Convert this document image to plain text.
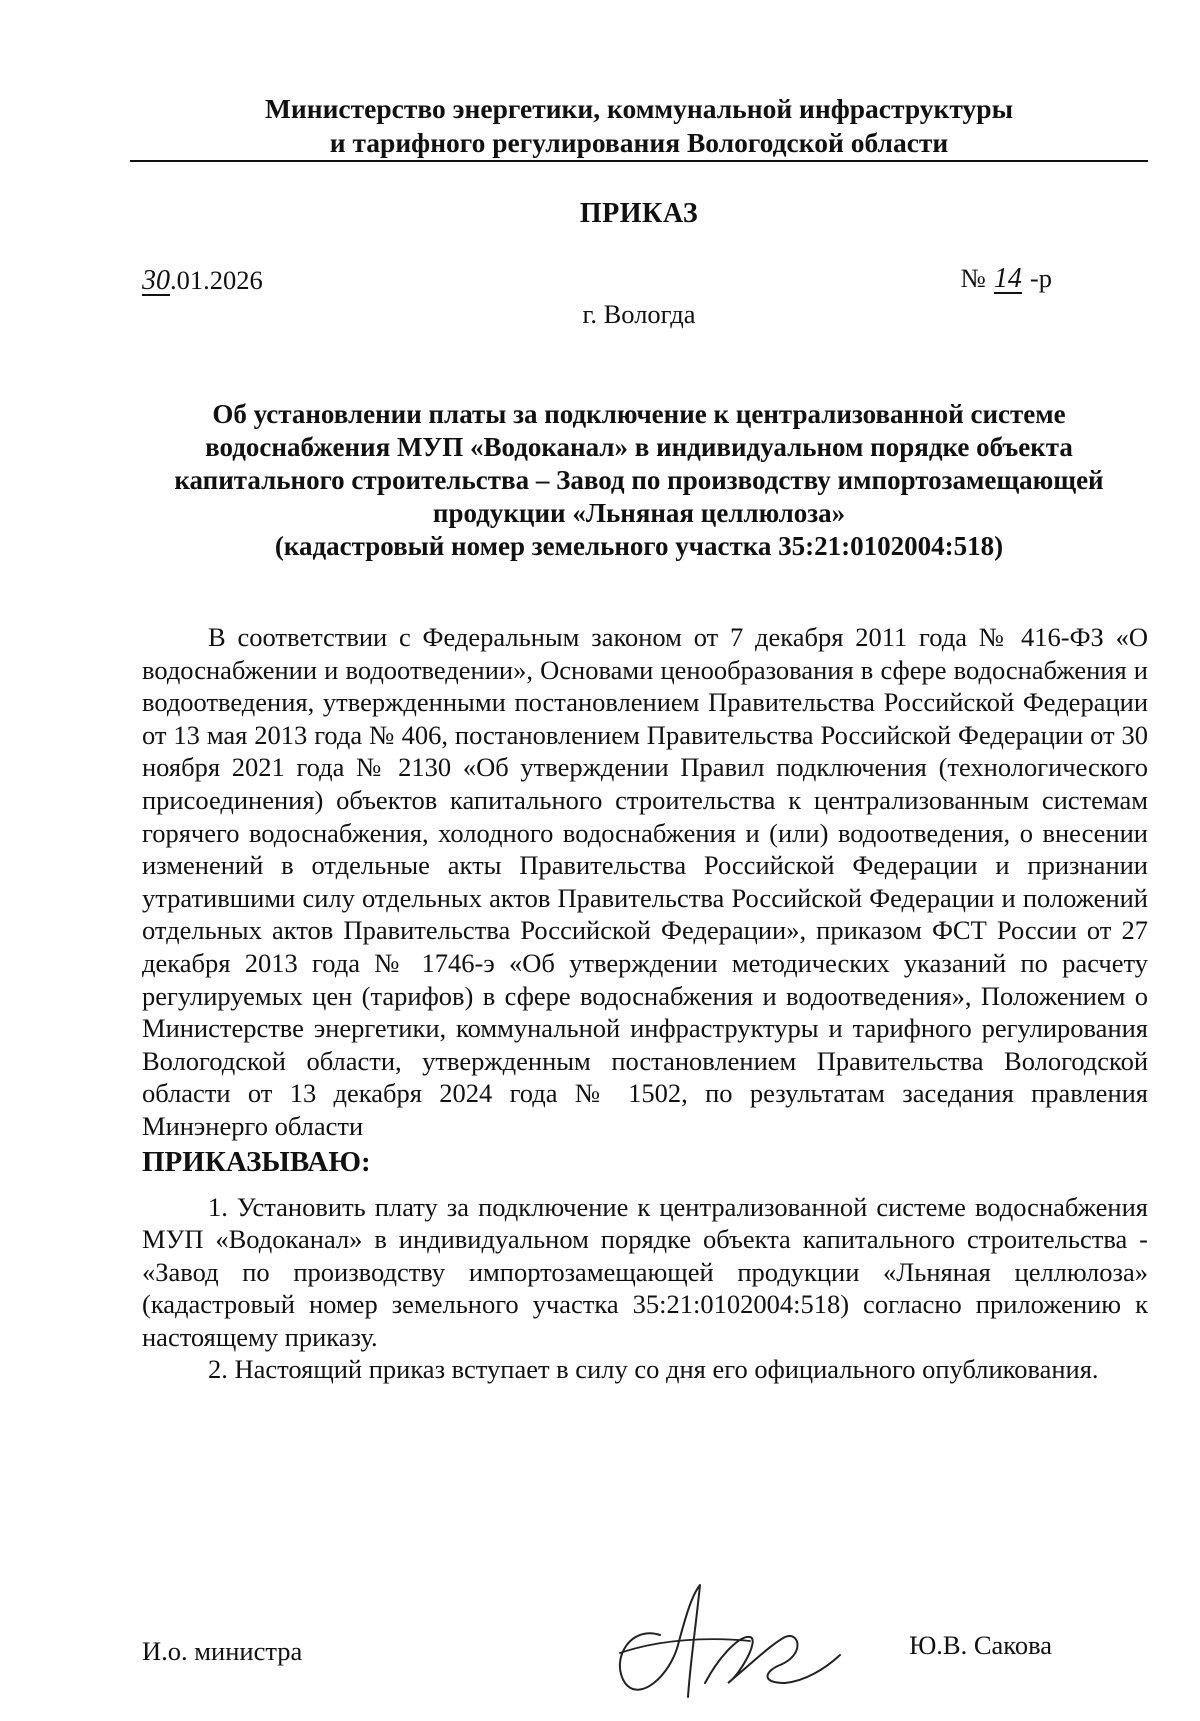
Министерство энергетики, коммунальной инфраструктуры
и тарифного регулирования Вологодской области
ПРИКАЗ
30.01.2026	№ 14 -р
г. Вологда
Об установлении платы за подключение к централизованной системе
водоснабжения МУП «Водоканал» в индивидуальном порядке объекта
капитального строительства – Завод по производству импортозамещающей
продукции «Льняная целлюлоза»
(кадастровый номер земельного участка 35:21:0102004:518)

В соответствии с Федеральным законом от 7 декабря 2011 года № 416-ФЗ «О водоснабжении и водоотведении», Основами ценообразования в сфере водоснабжения и водоотведения, утвержденными постановлением Правительства Российской Федерации от 13 мая 2013 года № 406, постановлением Правительства Российской Федерации от 30 ноября 2021 года № 2130 «Об утверждении Правил подключения (технологического присоединения) объектов капитального строительства к централизованным системам горячего водоснабжения, холодного водоснабжения и (или) водоотведения, о внесении изменений в отдельные акты Правительства Российской Федерации и признании утратившими силу отдельных актов Правительства Российской Федерации и положений отдельных актов Правительства Российской Федерации», приказом ФСТ России от 27 декабря 2013 года № 1746-э «Об утверждении методических указаний по расчету регулируемых цен (тарифов) в сфере водоснабжения и водоотведения», Положением о Министерстве энергетики, коммунальной инфраструктуры и тарифного регулирования Вологодской области, утвержденным постановлением Правительства Вологодской области от 13 декабря 2024 года № 1502, по результатам заседания правления Минэнерго области

ПРИКАЗЫВАЮ:

1. Установить плату за подключение к централизованной системе водоснабжения МУП «Водоканал» в индивидуальном порядке объекта капитального строительства - «Завод по производству импортозамещающей продукции «Льняная целлюлоза» (кадастровый номер земельного участка 35:21:0102004:518) согласно приложению к настоящему приказу.

2. Настоящий приказ вступает в силу со дня его официального опубликования.

И.о. министра	Ю.В. Сакова
